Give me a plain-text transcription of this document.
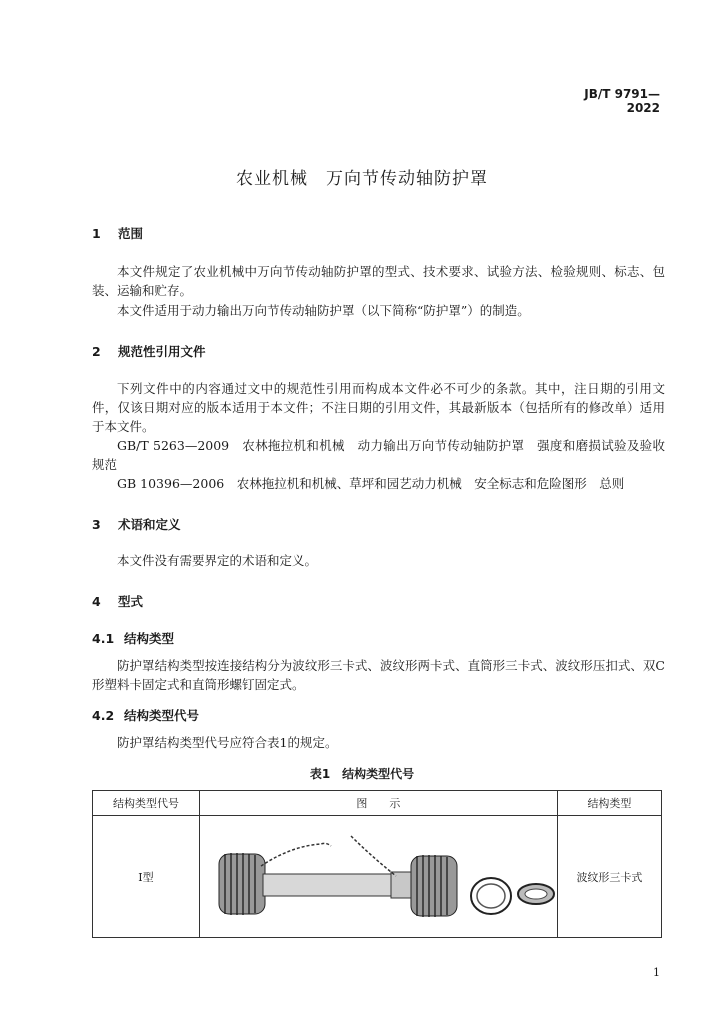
JB/T 9791—2022
农业机械　万向节传动轴防护罩
1 范围
本文件规定了农业机械中万向节传动轴防护罩的型式、技术要求、试验方法、检验规则、标志、包装、运输和贮存。
本文件适用于动力输出万向节传动轴防护罩（以下简称“防护罩”）的制造。
2 规范性引用文件
下列文件中的内容通过文中的规范性引用而构成本文件必不可少的条款。其中，注日期的引用文件，仅该日期对应的版本适用于本文件；不注日期的引用文件，其最新版本（包括所有的修改单）适用于本文件。
GB/T 5263—2009　农林拖拉机和机械　动力输出万向节传动轴防护罩　强度和磨损试验及验收规范
GB 10396—2006　农林拖拉机和机械、草坪和园艺动力机械　安全标志和危险图形　总则
3 术语和定义
本文件没有需要界定的术语和定义。
4 型式
4.1 结构类型
防护罩结构类型按连接结构分为波纹形三卡式、波纹形两卡式、直筒形三卡式、波纹形压扣式、双C形塑料卡固定式和直筒形螺钉固定式。
4.2 结构类型代号
防护罩结构类型代号应符合表1的规定。
表1　结构类型代号
结构类型代号	图　　示	结构类型
Ⅰ型		波纹形三卡式
1
